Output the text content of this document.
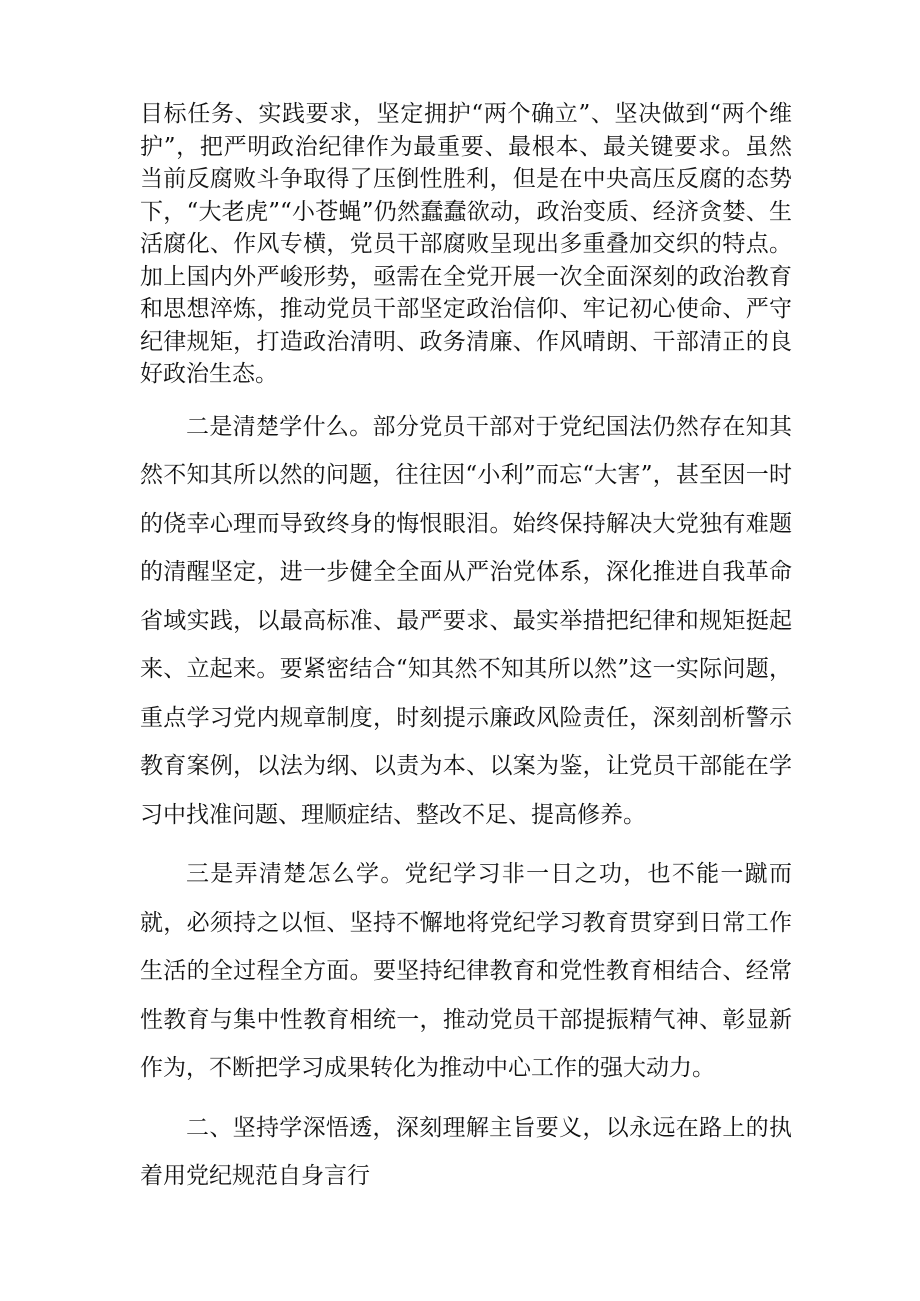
目标任务、实践要求，坚定拥护“两个确立”、坚决做到“两个维护”，把严明政治纪律作为最重要、最根本、最关键要求。虽然当前反腐败斗争取得了压倒性胜利，但是在中央高压反腐的态势下，“大老虎”“小苍蝇”仍然蠢蠢欲动，政治变质、经济贪婪、生活腐化、作风专横，党员干部腐败呈现出多重叠加交织的特点。加上国内外严峻形势，亟需在全党开展一次全面深刻的政治教育和思想淬炼，推动党员干部坚定政治信仰、牢记初心使命、严守纪律规矩，打造政治清明、政务清廉、作风晴朗、干部清正的良好政治生态。

二是清楚学什么。部分党员干部对于党纪国法仍然存在知其然不知其所以然的问题，往往因“小利”而忘“大害”，甚至因一时的侥幸心理而导致终身的悔恨眼泪。始终保持解决大党独有难题的清醒坚定，进一步健全全面从严治党体系，深化推进自我革命省域实践，以最高标准、最严要求、最实举措把纪律和规矩挺起来、立起来。要紧密结合“知其然不知其所以然”这一实际问题，重点学习党内规章制度，时刻提示廉政风险责任，深刻剖析警示教育案例，以法为纲、以责为本、以案为鉴，让党员干部能在学习中找准问题、理顺症结、整改不足、提高修养。

三是弄清楚怎么学。党纪学习非一日之功，也不能一蹴而就，必须持之以恒、坚持不懈地将党纪学习教育贯穿到日常工作生活的全过程全方面。要坚持纪律教育和党性教育相结合、经常性教育与集中性教育相统一，推动党员干部提振精气神、彰显新作为，不断把学习成果转化为推动中心工作的强大动力。

二、坚持学深悟透，深刻理解主旨要义，以永远在路上的执着用党纪规范自身言行
